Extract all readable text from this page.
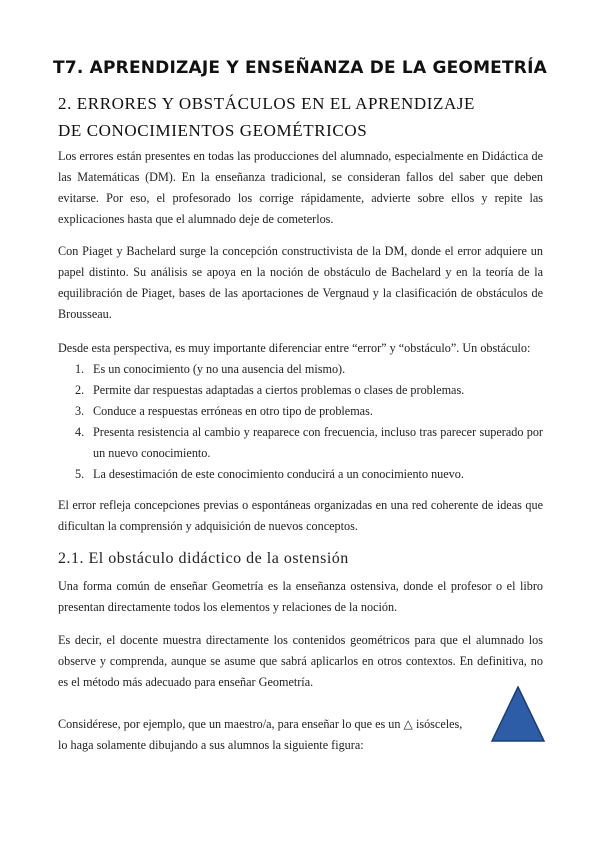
T7. APRENDIZAJE Y ENSEÑANZA DE LA GEOMETRÍA
2. ERRORES Y OBSTÁCULOS EN EL APRENDIZAJE
DE CONOCIMIENTOS GEOMÉTRICOS

Los errores están presentes en todas las producciones del alumnado, especialmente en Didáctica de las Matemáticas (DM). En la enseñanza tradicional, se consideran fallos del saber que deben evitarse. Por eso, el profesorado los corrige rápidamente, advierte sobre ellos y repite las explicaciones hasta que el alumnado deje de cometerlos.

Con Piaget y Bachelard surge la concepción constructivista de la DM, donde el error adquiere un papel distinto. Su análisis se apoya en la noción de obstáculo de Bachelard y en la teoría de la equilibración de Piaget, bases de las aportaciones de Vergnaud y la clasificación de obstáculos de Brousseau.

Desde esta perspectiva, es muy importante diferenciar entre “error” y “obstáculo”. Un obstáculo:

1. Es un conocimiento (y no una ausencia del mismo).
2. Permite dar respuestas adaptadas a ciertos problemas o clases de problemas.
3. Conduce a respuestas erróneas en otro tipo de problemas.
4. Presenta resistencia al cambio y reaparece con frecuencia, incluso tras parecer superado por un nuevo conocimiento.
5. La desestimación de este conocimiento conducirá a un conocimiento nuevo.

El error refleja concepciones previas o espontáneas organizadas en una red coherente de ideas que dificultan la comprensión y adquisición de nuevos conceptos.

2.1. El obstáculo didáctico de la ostensión

Una forma común de enseñar Geometría es la enseñanza ostensiva, donde el profesor o el libro presentan directamente todos los elementos y relaciones de la noción.

Es decir, el docente muestra directamente los contenidos geométricos para que el alumnado los observe y comprenda, aunque se asume que sabrá aplicarlos en otros contextos. En definitiva, no es el método más adecuado para enseñar Geometría.

Considérese, por ejemplo, que un maestro/a, para enseñar lo que es un △ isósceles,

lo haga solamente dibujando a sus alumnos la siguiente figura:
